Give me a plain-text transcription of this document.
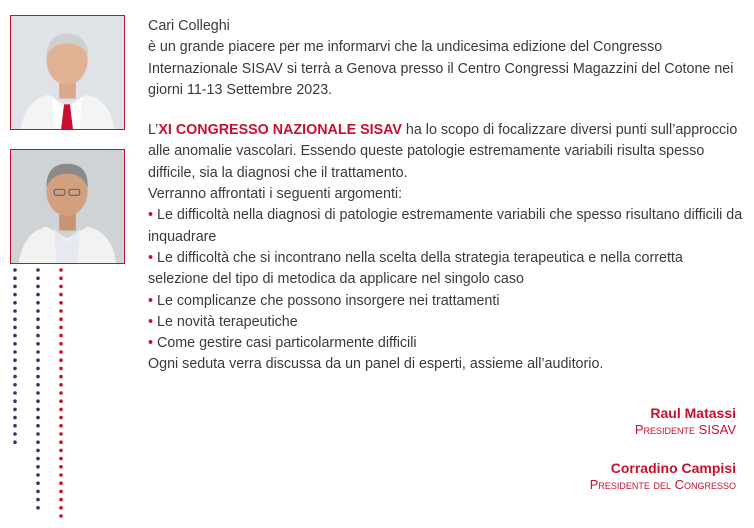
Cari Colleghi

è un grande piacere per me informarvi che la undicesima edizione del Congresso Internazionale SISAV si terrà a Genova presso il Centro Congressi Magazzini del Cotone nei giorni 11-13 Settembre 2023.

L’XI CONGRESSO NAZIONALE SISAV ha lo scopo di focalizzare diversi punti sull’approccio alle anomalie vascolari. Essendo queste patologie estremamente variabili risulta spesso difficile, sia la diagnosi che il trattamento.

Verranno affrontati i seguenti argomenti:

• Le difficoltà nella diagnosi di patologie estremamente variabili che spesso risultano difficili da inquadrare

• Le difficoltà che si incontrano nella scelta della strategia terapeutica e nella corretta selezione del tipo di metodica da applicare nel singolo caso

• Le complicanze che possono insorgere nei trattamenti

• Le novità terapeutiche

• Come gestire casi particolarmente difficili

Ogni seduta verra discussa da un panel di esperti, assieme all’auditorio.

Raul Matassi
Presidente SISAV
Corradino Campisi
Presidente del Congresso
